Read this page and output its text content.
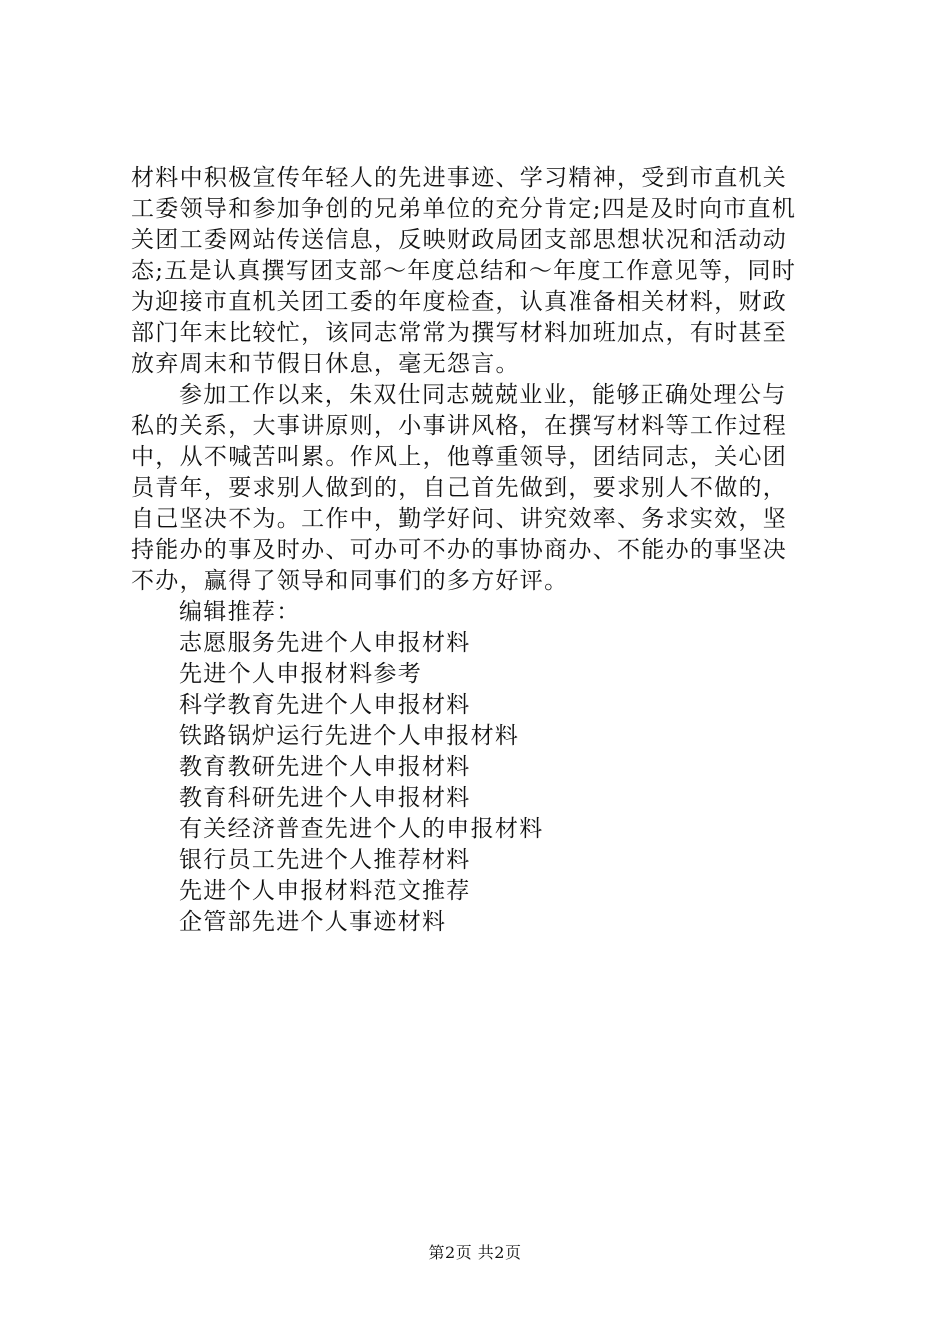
材料中积极宣传年轻人的先进事迹、学习精神，受到市直机关
工委领导和参加争创的兄弟单位的充分肯定;四是及时向市直机
关团工委网站传送信息，反映财政局团支部思想状况和活动动
态;五是认真撰写团支部～年度总结和～年度工作意见等，同时
为迎接市直机关团工委的年度检查，认真准备相关材料，财政
部门年末比较忙，该同志常常为撰写材料加班加点，有时甚至
放弃周末和节假日休息，毫无怨言。

参加工作以来，朱双仕同志兢兢业业，能够正确处理公与
私的关系，大事讲原则，小事讲风格，在撰写材料等工作过程
中，从不喊苦叫累。作风上，他尊重领导，团结同志，关心团
员青年，要求别人做到的，自己首先做到，要求别人不做的，
自己坚决不为。工作中，勤学好问、讲究效率、务求实效，坚
持能办的事及时办、可办可不办的事协商办、不能办的事坚决
不办，赢得了领导和同事们的多方好评。

编辑推荐：

志愿服务先进个人申报材料
先进个人申报材料参考
科学教育先进个人申报材料
铁路锅炉运行先进个人申报材料
教育教研先进个人申报材料
教育科研先进个人申报材料
有关经济普查先进个人的申报材料
银行员工先进个人推荐材料
先进个人申报材料范文推荐
企管部先进个人事迹材料
第2页 共2页
